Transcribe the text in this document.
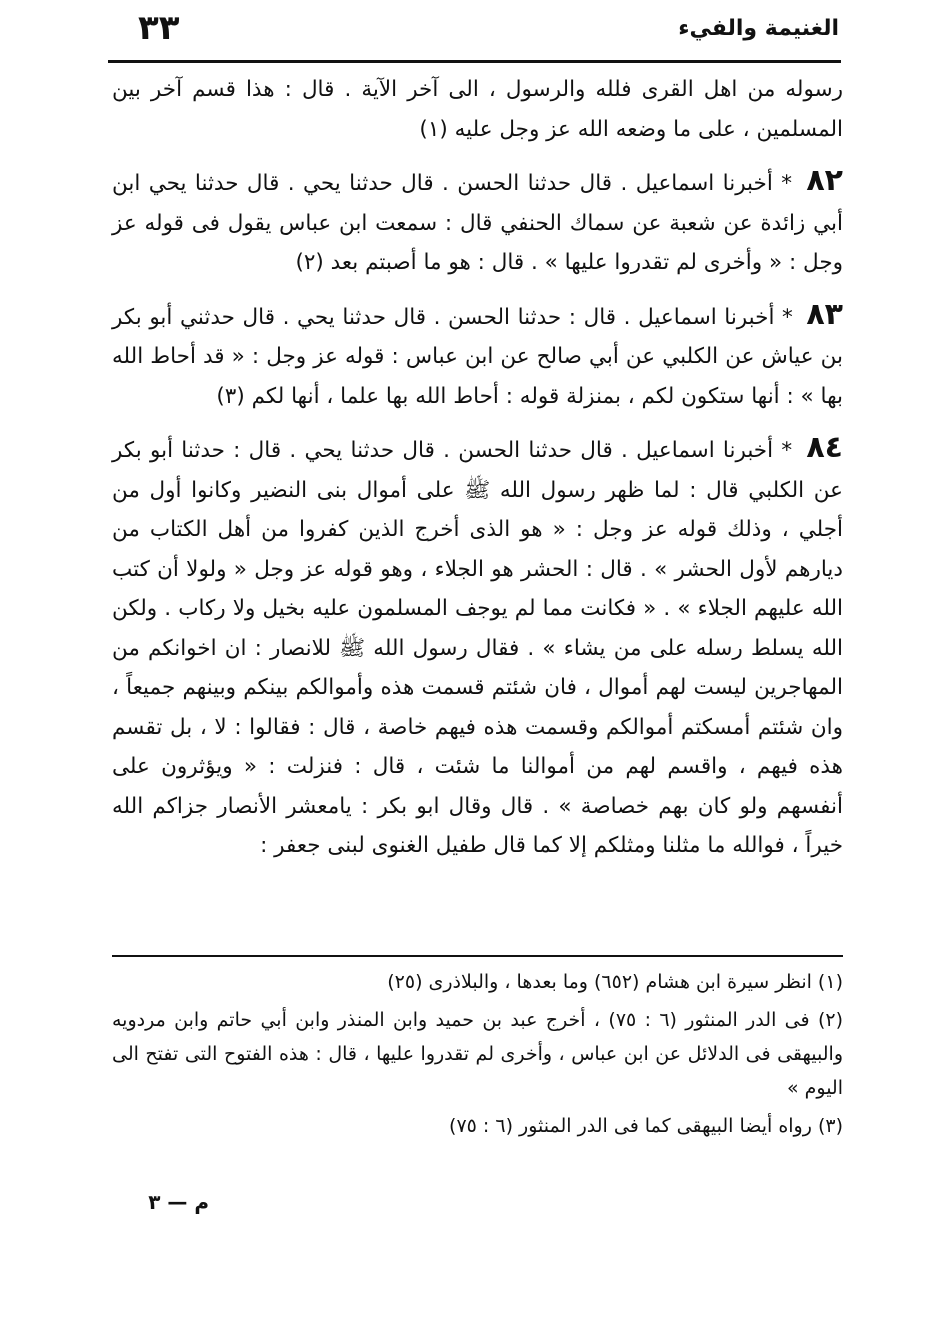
الغنيمة والفيء
٣٣

رسوله من اهل القرى فلله والرسول ، الى آخر الآية . قال : هذا قسم آخر بين المسلمين ، على ما وضعه الله عز وجل عليه (١)

٨٢ * أخبرنا اسماعيل . قال حدثنا الحسن . قال حدثنا يحي . قال حدثنا يحي ابن أبي زائدة عن شعبة عن سماك الحنفي قال : سمعت ابن عباس يقول فى قوله عز وجل : « وأخرى لم تقدروا عليها » . قال : هو ما أصبتم بعد (٢)

٨٣ * أخبرنا اسماعيل . قال : حدثنا الحسن . قال حدثنا يحي . قال حدثني أبو بكر بن عياش عن الكلبي عن أبي صالح عن ابن عباس : قوله عز وجل : « قد أحاط الله بها » : أنها ستكون لكم ، بمنزلة قوله : أحاط الله بها علما ، أنها لكم (٣)

٨٤ * أخبرنا اسماعيل . قال حدثنا الحسن . قال حدثنا يحي . قال : حدثنا أبو بكر عن الكلبي قال : لما ظهر رسول الله ﷺ على أموال بنى النضير وكانوا أول من أجلي ، وذلك قوله عز وجل : « هو الذى أخرج الذين كفروا من أهل الكتاب من ديارهم لأول الحشر » . قال : الحشر هو الجلاء ، وهو قوله عز وجل « ولولا أن كتب الله عليهم الجلاء » . « فكانت مما لم يوجف المسلمون عليه بخيل ولا ركاب . ولكن الله يسلط رسله على من يشاء » . فقال رسول الله ﷺ للانصار : ان اخوانكم من المهاجرين ليست لهم أموال ، فان شئتم قسمت هذه وأموالكم بينكم وبينهم جميعاً ، وان شئتم أمسكتم أموالكم وقسمت هذه فيهم خاصة ، قال : فقالوا : لا ، بل تقسم هذه فيهم ، واقسم لهم من أموالنا ما شئت ، قال : فنزلت : « ويؤثرون على أنفسهم ولو كان بهم خصاصة » . قال وقال ابو بكر : يامعشر الأنصار جزاكم الله خيراً ، فوالله ما مثلنا ومثلكم إلا كما قال طفيل الغنوى لبنى جعفر :

(١) انظر سيرة ابن هشام (٦٥٢) وما بعدها ، والبلاذرى (٢٥)

(٢) فى الدر المنثور (٦ : ٧٥) ، أخرج عبد بن حميد وابن المنذر وابن أبي حاتم وابن مردويه والبيهقى فى الدلائل عن ابن عباس ، وأخرى لم تقدروا عليها ، قال : هذه الفتوح التى تفتح الى اليوم »

(٣) رواه أيضا البيهقى كما فى الدر المنثور (٦ : ٧٥)

م — ٣
